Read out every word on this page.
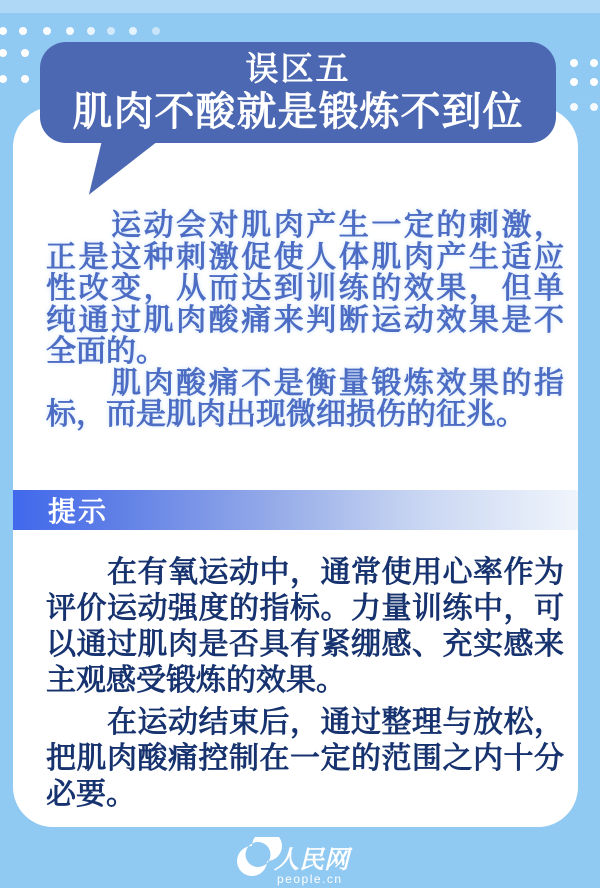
　　运动会对肌肉产生一定的刺激，
正是这种刺激促使人体肌肉产生适应
性改变，从而达到训练的效果，但单
纯通过肌肉酸痛来判断运动效果是不
全面的。
　　肌肉酸痛不是衡量锻炼效果的指
标，而是肌肉出现微细损伤的征兆。
提示
　　在有氧运动中，通常使用心率作为
评价运动强度的指标。力量训练中，可
以通过肌肉是否具有紧绷感、充实感来
主观感受锻炼的效果。
　　在运动结束后，通过整理与放松，
把肌肉酸痛控制在一定的范围之内十分
必要。
误区五
肌肉不酸就是锻炼不到位
人民网
people.cn
